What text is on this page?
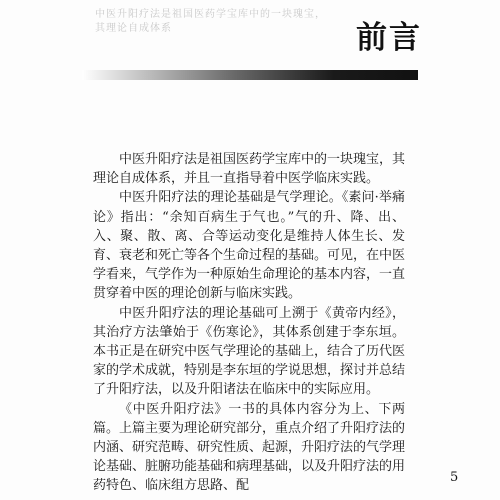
中医升阳疗法是祖国医药学宝库中的一块瑰宝，其理论自成体系	前言

中医升阳疗法是祖国医药学宝库中的一块瑰宝，其理论自成体系，并且一直指导着中医学临床实践。

中医升阳疗法的理论基础是气学理论。《素问·举痛论》指出：“余知百病生于气也。”气的升、降、出、入、聚、散、离、合等运动变化是维持人体生长、发育、衰老和死亡等各个生命过程的基础。可见，在中医学看来，气学作为一种原始生命理论的基本内容，一直贯穿着中医的理论创新与临床实践。

中医升阳疗法的理论基础可上溯于《黄帝内经》，其治疗方法肇始于《伤寒论》，其体系创建于李东垣。本书正是在研究中医气学理论的基础上，结合了历代医家的学术成就，特别是李东垣的学说思想，探讨并总结了升阳疗法，以及升阳诸法在临床中的实际应用。

《中医升阳疗法》一书的具体内容分为上、下两篇。上篇主要为理论研究部分，重点介绍了升阳疗法的内涵、研究范畴、研究性质、起源，升阳疗法的气学理论基础、脏腑功能基础和病理基础，以及升阳疗法的用药特色、临床组方思路、配

5
